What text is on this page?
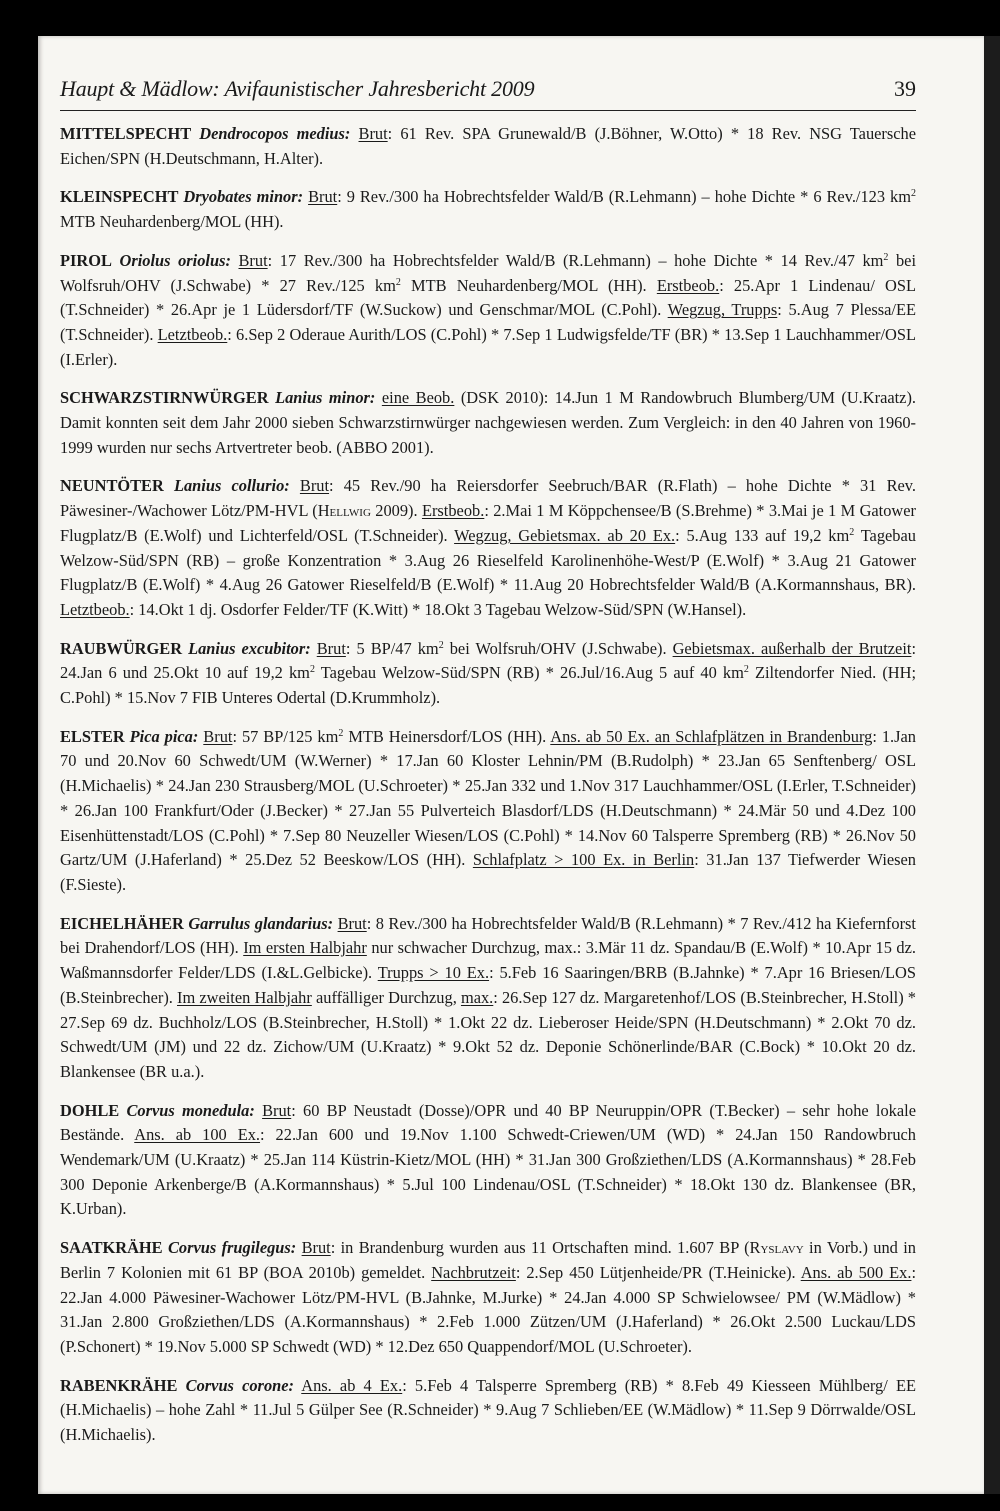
Haupt & Mädlow: Avifaunistischer Jahresbericht 2009	39

MITTELSPECHT Dendrocopos medius: Brut: 61 Rev. SPA Grunewald/B (J.Böhner, W.Otto) * 18 Rev. NSG Tauersche Eichen/SPN (H.Deutschmann, H.Alter).

KLEINSPECHT Dryobates minor: Brut: 9 Rev./300 ha Hobrechtsfelder Wald/B (R.Lehmann) – hohe Dichte * 6 Rev./123 $km^2$ MTB Neuhardenberg/MOL (HH).

PIROL Oriolus oriolus: Brut: 17 Rev./300 ha Hobrechtsfelder Wald/B (R.Lehmann) – hohe Dichte * 14 Rev./47 $km^2$ bei Wolfsruh/OHV (J.Schwabe) * 27 Rev./125 $km^2$ MTB Neuhardenberg/MOL (HH). Erstbeob.: 25.Apr 1 Lindenau/ OSL (T.Schneider) * 26.Apr je 1 Lüdersdorf/TF (W.Suckow) und Genschmar/MOL (C.Pohl). Wegzug, Trupps: 5.Aug 7 Plessa/EE (T.Schneider). Letztbeob.: 6.Sep 2 Oderaue Aurith/LOS (C.Pohl) * 7.Sep 1 Ludwigsfelde/TF (BR) * 13.Sep 1 Lauchhammer/OSL (I.Erler).

SCHWARZSTIRNWÜRGER Lanius minor: eine Beob. (DSK 2010): 14.Jun 1 M Randowbruch Blumberg/UM (U.Kraatz). Damit konnten seit dem Jahr 2000 sieben Schwarzstirnwürger nachgewiesen werden. Zum Vergleich: in den 40 Jahren von 1960-1999 wurden nur sechs Artvertreter beob. (ABBO 2001).

NEUNTÖTER Lanius collurio: Brut: 45 Rev./90 ha Reiersdorfer Seebruch/BAR (R.Flath) – hohe Dichte * 31 Rev. Päwesiner-/Wachower Lötz/PM-HVL (Hellwig 2009). Erstbeob.: 2.Mai 1 M Köppchensee/B (S.Brehme) * 3.Mai je 1 M Gatower Flugplatz/B (E.Wolf) und Lichterfeld/OSL (T.Schneider). Wegzug, Gebietsmax. ab 20 Ex.: 5.Aug 133 auf 19,2 $km^2$ Tagebau Welzow-Süd/SPN (RB) – große Konzentration * 3.Aug 26 Rieselfeld Karolinenhöhe-West/P (E.Wolf) * 3.Aug 21 Gatower Flugplatz/B (E.Wolf) * 4.Aug 26 Gatower Rieselfeld/B (E.Wolf) * 11.Aug 20 Hobrechtsfelder Wald/B (A.Kormannshaus, BR). Letztbeob.: 14.Okt 1 dj. Osdorfer Felder/TF (K.Witt) * 18.Okt 3 Tagebau Welzow-Süd/SPN (W.Hansel).

RAUBWÜRGER Lanius excubitor: Brut: 5 BP/47 $km^2$ bei Wolfsruh/OHV (J.Schwabe). Gebietsmax. außerhalb der Brutzeit: 24.Jan 6 und 25.Okt 10 auf 19,2 $km^2$ Tagebau Welzow-Süd/SPN (RB) * 26.Jul/16.Aug 5 auf 40 $km^2$ Ziltendorfer Nied. (HH; C.Pohl) * 15.Nov 7 FIB Unteres Odertal (D.Krummholz).

ELSTER Pica pica: Brut: 57 BP/125 $km^2$ MTB Heinersdorf/LOS (HH). Ans. ab 50 Ex. an Schlafplätzen in Brandenburg: 1.Jan 70 und 20.Nov 60 Schwedt/UM (W.Werner) * 17.Jan 60 Kloster Lehnin/PM (B.Rudolph) * 23.Jan 65 Senftenberg/ OSL (H.Michaelis) * 24.Jan 230 Strausberg/MOL (U.Schroeter) * 25.Jan 332 und 1.Nov 317 Lauchhammer/OSL (I.Erler, T.Schneider) * 26.Jan 100 Frankfurt/Oder (J.Becker) * 27.Jan 55 Pulverteich Blasdorf/LDS (H.Deutschmann) * 24.Mär 50 und 4.Dez 100 Eisenhüttenstadt/LOS (C.Pohl) * 7.Sep 80 Neuzeller Wiesen/LOS (C.Pohl) * 14.Nov 60 Talsperre Spremberg (RB) * 26.Nov 50 Gartz/UM (J.Haferland) * 25.Dez 52 Beeskow/LOS (HH). Schlafplatz > 100 Ex. in Berlin: 31.Jan 137 Tiefwerder Wiesen (F.Sieste).

EICHELHÄHER Garrulus glandarius: Brut: 8 Rev./300 ha Hobrechtsfelder Wald/B (R.Lehmann) * 7 Rev./412 ha Kiefernforst bei Drahendorf/LOS (HH). Im ersten Halbjahr nur schwacher Durchzug, max.: 3.Mär 11 dz. Spandau/B (E.Wolf) * 10.Apr 15 dz. Waßmannsdorfer Felder/LDS (I.&L.Gelbicke). Trupps > 10 Ex.: 5.Feb 16 Saaringen/BRB (B.Jahnke) * 7.Apr 16 Briesen/LOS (B.Steinbrecher). Im zweiten Halbjahr auffälliger Durchzug, max.: 26.Sep 127 dz. Margaretenhof/LOS (B.Steinbrecher, H.Stoll) * 27.Sep 69 dz. Buchholz/LOS (B.Steinbrecher, H.Stoll) * 1.Okt 22 dz. Lieberoser Heide/SPN (H.Deutschmann) * 2.Okt 70 dz. Schwedt/UM (JM) und 22 dz. Zichow/UM (U.Kraatz) * 9.Okt 52 dz. Deponie Schönerlinde/BAR (C.Bock) * 10.Okt 20 dz. Blankensee (BR u.a.).

DOHLE Corvus monedula: Brut: 60 BP Neustadt (Dosse)/OPR und 40 BP Neuruppin/OPR (T.Becker) – sehr hohe lokale Bestände. Ans. ab 100 Ex.: 22.Jan 600 und 19.Nov 1.100 Schwedt-Criewen/UM (WD) * 24.Jan 150 Randowbruch Wendemark/UM (U.Kraatz) * 25.Jan 114 Küstrin-Kietz/MOL (HH) * 31.Jan 300 Großziethen/LDS (A.Kormannshaus) * 28.Feb 300 Deponie Arkenberge/B (A.Kormannshaus) * 5.Jul 100 Lindenau/OSL (T.Schneider) * 18.Okt 130 dz. Blankensee (BR, K.Urban).

SAATKRÄHE Corvus frugilegus: Brut: in Brandenburg wurden aus 11 Ortschaften mind. 1.607 BP (Ryslavy in Vorb.) und in Berlin 7 Kolonien mit 61 BP (BOA 2010b) gemeldet. Nachbrutzeit: 2.Sep 450 Lütjenheide/PR (T.Heinicke). Ans. ab 500 Ex.: 22.Jan 4.000 Päwesiner-Wachower Lötz/PM-HVL (B.Jahnke, M.Jurke) * 24.Jan 4.000 SP Schwielowsee/ PM (W.Mädlow) * 31.Jan 2.800 Großziethen/LDS (A.Kormannshaus) * 2.Feb 1.000 Zützen/UM (J.Haferland) * 26.Okt 2.500 Luckau/LDS (P.Schonert) * 19.Nov 5.000 SP Schwedt (WD) * 12.Dez 650 Quappendorf/MOL (U.Schroeter).

RABENKRÄHE Corvus corone: Ans. ab 4 Ex.: 5.Feb 4 Talsperre Spremberg (RB) * 8.Feb 49 Kiesseen Mühlberg/ EE (H.Michaelis) – hohe Zahl * 11.Jul 5 Gülper See (R.Schneider) * 9.Aug 7 Schlieben/EE (W.Mädlow) * 11.Sep 9 Dörrwalde/OSL (H.Michaelis).
